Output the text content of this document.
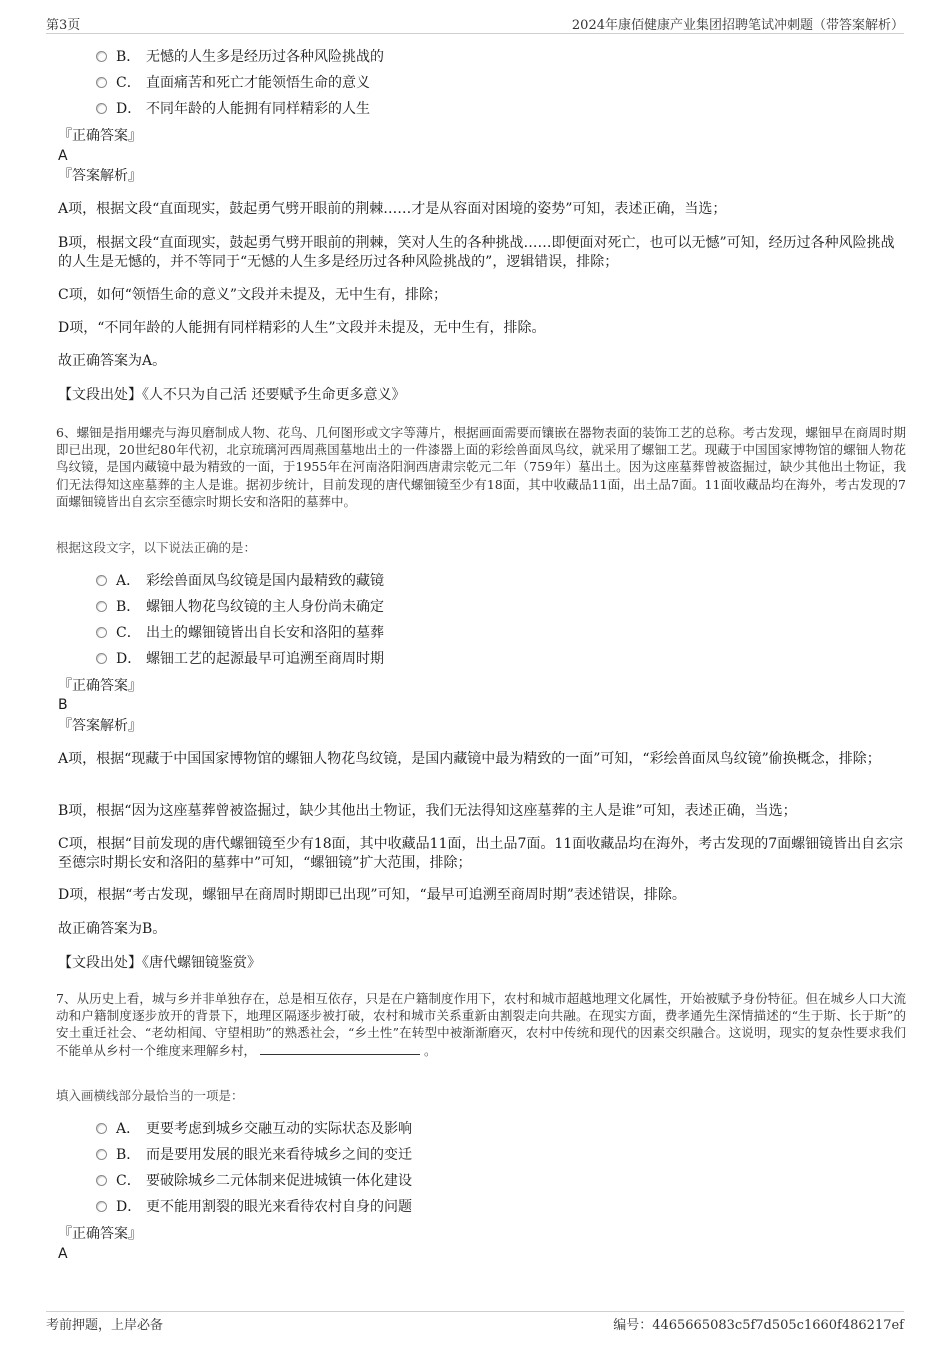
第3页	2024年康佰健康产业集团招聘笔试冲刺题（带答案解析）
B． 无憾的人生多是经历过各种风险挑战的
C． 直面痛苦和死亡才能领悟生命的意义
D． 不同年龄的人能拥有同样精彩的人生
『正确答案』
A
『答案解析』
A项，根据文段“直面现实，鼓起勇气劈开眼前的荆棘……才是从容面对困境的姿势”可知，表述正确，当选；
B项，根据文段“直面现实，鼓起勇气劈开眼前的荆棘，笑对人生的各种挑战……即便面对死亡，也可以无憾”可知，经历过各种风险挑战的人生是无憾的，并不等同于“无憾的人生多是经历过各种风险挑战的”，逻辑错误，排除；
C项，如何“领悟生命的意义”文段并未提及，无中生有，排除；
D项，“不同年龄的人能拥有同样精彩的人生”文段并未提及，无中生有，排除。
故正确答案为A。
【文段出处】《人不只为自己活 还要赋予生命更多意义》
6、螺钿是指用螺壳与海贝磨制成人物、花鸟、几何图形或文字等薄片，根据画面需要而镶嵌在器物表面的装饰工艺的总称。考古发现，螺钿早在商周时期即已出现，20世纪80年代初，北京琉璃河西周燕国墓地出土的一件漆器上面的彩绘兽面凤鸟纹，就采用了螺钿工艺。现藏于中国国家博物馆的螺钿人物花鸟纹镜，是国内藏镜中最为精致的一面，于1955年在河南洛阳涧西唐肃宗乾元二年（759年）墓出土。因为这座墓葬曾被盗掘过，缺少其他出土物证，我们无法得知这座墓葬的主人是谁。据初步统计，目前发现的唐代螺钿镜至少有18面，其中收藏品11面，出土品7面。11面收藏品均在海外，考古发现的7面螺钿镜皆出自玄宗至德宗时期长安和洛阳的墓葬中。
根据这段文字，以下说法正确的是：
A． 彩绘兽面凤鸟纹镜是国内最精致的藏镜
B． 螺钿人物花鸟纹镜的主人身份尚未确定
C． 出土的螺钿镜皆出自长安和洛阳的墓葬
D． 螺钿工艺的起源最早可追溯至商周时期
『正确答案』
B
『答案解析』
A项，根据“现藏于中国国家博物馆的螺钿人物花鸟纹镜，是国内藏镜中最为精致的一面”可知，“彩绘兽面凤鸟纹镜”偷换概念，排除；
B项，根据“因为这座墓葬曾被盗掘过，缺少其他出土物证，我们无法得知这座墓葬的主人是谁”可知，表述正确，当选；
C项，根据“目前发现的唐代螺钿镜至少有18面，其中收藏品11面，出土品7面。11面收藏品均在海外，考古发现的7面螺钿镜皆出自玄宗至德宗时期长安和洛阳的墓葬中”可知，“螺钿镜”扩大范围，排除；
D项，根据“考古发现，螺钿早在商周时期即已出现”可知，“最早可追溯至商周时期”表述错误，排除。
故正确答案为B。
【文段出处】《唐代螺钿镜鉴赏》
7、从历史上看，城与乡并非单独存在，总是相互依存，只是在户籍制度作用下，农村和城市超越地理文化属性，开始被赋予身份特征。但在城乡人口大流动和户籍制度逐步放开的背景下，地理区隔逐步被打破，农村和城市关系重新由割裂走向共融。在现实方面，费孝通先生深情描述的“生于斯、长于斯”的安土重迁社会、“老幼相闻、守望相助”的熟悉社会，“乡土性”在转型中被渐渐磨灭，农村中传统和现代的因素交织融合。这说明，现实的复杂性要求我们不能单从乡村一个维度来理解乡村，	。
填入画横线部分最恰当的一项是：
A． 更要考虑到城乡交融互动的实际状态及影响
B． 而是要用发展的眼光来看待城乡之间的变迁
C． 要破除城乡二元体制来促进城镇一体化建设
D． 更不能用割裂的眼光来看待农村自身的问题
『正确答案』
A
考前押题，上岸必备	编号：4465665083c5f7d505c1660f486217ef
